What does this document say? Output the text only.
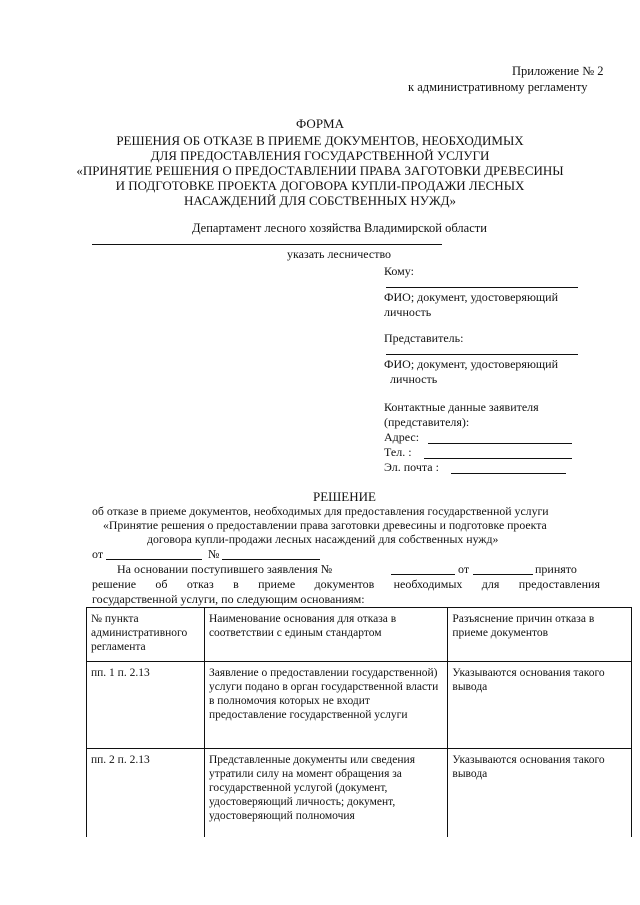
Приложение № 2
к административному регламенту
ФОРМА
РЕШЕНИЯ ОБ ОТКАЗЕ В ПРИЕМЕ ДОКУМЕНТОВ, НЕОБХОДИМЫХ
ДЛЯ ПРЕДОСТАВЛЕНИЯ ГОСУДАРСТВЕННОЙ УСЛУГИ
«ПРИНЯТИЕ РЕШЕНИЯ О ПРЕДОСТАВЛЕНИИ ПРАВА ЗАГОТОВКИ ДРЕВЕСИНЫ
И ПОДГОТОВКЕ ПРОЕКТА ДОГОВОРА КУПЛИ-ПРОДАЖИ ЛЕСНЫХ
НАСАЖДЕНИЙ ДЛЯ СОБСТВЕННЫХ НУЖД»
Департамент лесного хозяйства Владимирской области
указать лесничество
Кому:
ФИО; документ, удостоверяющий
личность
Представитель:
ФИО; документ, удостоверяющий
личность
Контактные данные заявителя
(представителя):
Адрес:
Тел. :
Эл. почта :
РЕШЕНИЕ
об отказе в приеме документов, необходимых для предоставления государственной услуги
«Принятие решения о предоставлении права заготовки древесины и подготовке проекта
договора купли-продажи лесных насаждений для собственных нужд»
от	№
На основании поступившего заявления №	от	принято
решение об отказ в приеме документов необходимых для предоставления
государственной услуги, по следующим основаниям:
№ пункта административного регламента	Наименование основания для отказа в соответствии с единым стандартом	Разъяснение причин отказа в приеме документов
пп. 1 п. 2.13	Заявление о предоставлении государственной) услуги подано в орган государственной власти в полномочия которых не входит предоставление государственной услуги	Указываются основания такого вывода
пп. 2 п. 2.13	Представленные документы или сведения утратили силу на момент обращения за государственной услугой (документ, удостоверяющий личность; документ, удостоверяющий полномочия	Указываются основания такого вывода
